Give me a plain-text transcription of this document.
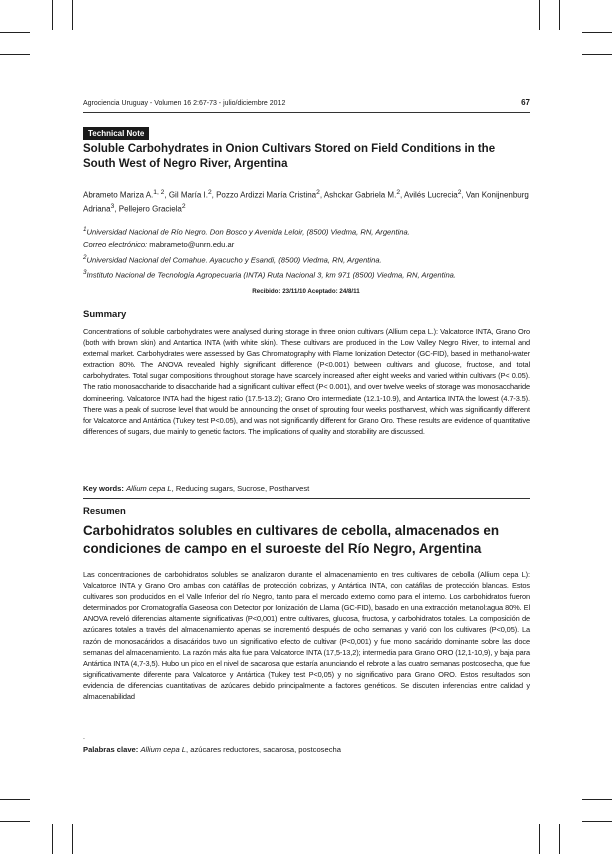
Agrociencia Uruguay - Volumen 16 2:67-73 - julio/diciembre 2012	67
Technical Note
Soluble Carbohydrates in Onion Cultivars Stored on Field Conditions in the South West of Negro River, Argentina
Abrameto Mariza A.$^{1, 2}$, Gil María I.$^2$, Pozzo Ardizzi María Cristina$^2$, Ashckar Gabriela M.$^2$, Avilés Lucrecia$^2$, Van Konijnenburg Adriana$^3$, Pellejero Graciela$^2$
$^1$Universidad Nacional de Río Negro. Don Bosco y Avenida Leloir, (8500) Viedma, RN, Argentina.
Correo electrónico: mabrameto@unrn.edu.ar
$^2$Universidad Nacional del Comahue. Ayacucho y Esandi, (8500) Viedma, RN, Argentina.
$^3$Instituto Nacional de Tecnología Agropecuaria (INTA) Ruta Nacional 3, km 971 (8500) Viedma, RN, Argentina.
Recibido: 23/11/10 Aceptado: 24/8/11
Summary
Concentrations of soluble carbohydrates were analysed during storage in three onion cultivars (Allium cepa L.): Valcatorce INTA, Grano Oro (both with brown skin) and Antartica INTA (with white skin). These cultivars are produced in the Low Valley Negro River, to internal and external market. Carbohydrates were assessed by Gas Chromatography with Flame Ionization Detector (GC-FID), based in methanol-water extraction 80%. The ANOVA revealed highly significant difference (P<0.001) between cultivars and glucose, fructose, and total carbohydrates. Total sugar compositions throughout storage have scarcely increased after eight weeks and varied within cultivars (P< 0.05). The ratio monosaccharide to disaccharide had a significant cultivar effect (P< 0.001), and over twelve weeks of storage was monosaccharide domineering. Valcatorce INTA had the higest ratio (17.5-13.2); Grano Oro intermediate (12.1-10.9), and Antartica INTA the lowest (4.7-3.5). There was a peak of sucrose level that would be announcing the onset of sprouting four weeks postharvest, which was significantly different for Valcatorce and Antártica (Tukey test P<0.05), and was not significantly different for Grano Oro. These results are evidence of quantitative differences of sugars, due mainly to genetic factors. The implications of quality and storability are discussed.
Key words: Allium cepa L, Reducing sugars, Sucrose, Postharvest
Resumen
Carbohidratos solubles en cultivares de cebolla, almacenados en condiciones de campo en el suroeste del Río Negro, Argentina
Las concentraciones de carbohidratos solubles se analizaron durante el almacenamiento en tres cultivares de cebolla (Allium cepa L): Valcatorce INTA y Grano Oro ambas con catáfilas de protección cobrizas, y Antártica INTA, con catáfilas de protección blancas. Estos cultivares son producidos en el Valle Inferior del río Negro, tanto para el mercado externo como para el interno. Los carbohidratos fueron determinados por Cromatografía Gaseosa con Detector por Ionización de Llama (GC-FID), basado en una extracción metanol:agua 80%. El ANOVA reveló diferencias altamente significativas (P<0,001) entre cultivares, glucosa, fructosa, y carbohidratos totales. La composición de azúcares totales a través del almacenamiento apenas se incrementó después de ocho semanas y varió con los cultivares (P<0,05). La razón de monosacáridos a disacáridos tuvo un significativo efecto de cultivar (P<0,001) y fue mono sacárido dominante sobre las doce semanas del almacenamiento. La razón más alta fue para Valcatorce INTA (17,5-13,2); intermedia para Grano ORO (12,1-10,9), y baja para Antártica INTA (4,7-3,5). Hubo un pico en el nivel de sacarosa que estaría anunciando el rebrote a las cuatro semanas postcosecha, que fue significativamente diferente para Valcatorce y Antártica (Tukey test P<0,05) y no significativo para Grano ORO. Estos resultados son evidencia de diferencias cuantitativas de azúcares debido principalmente a factores genéticos. Se discuten inferencias entre calidad y almacenabilidad
.
Palabras clave: Allium cepa L, azúcares reductores, sacarosa, postcosecha
